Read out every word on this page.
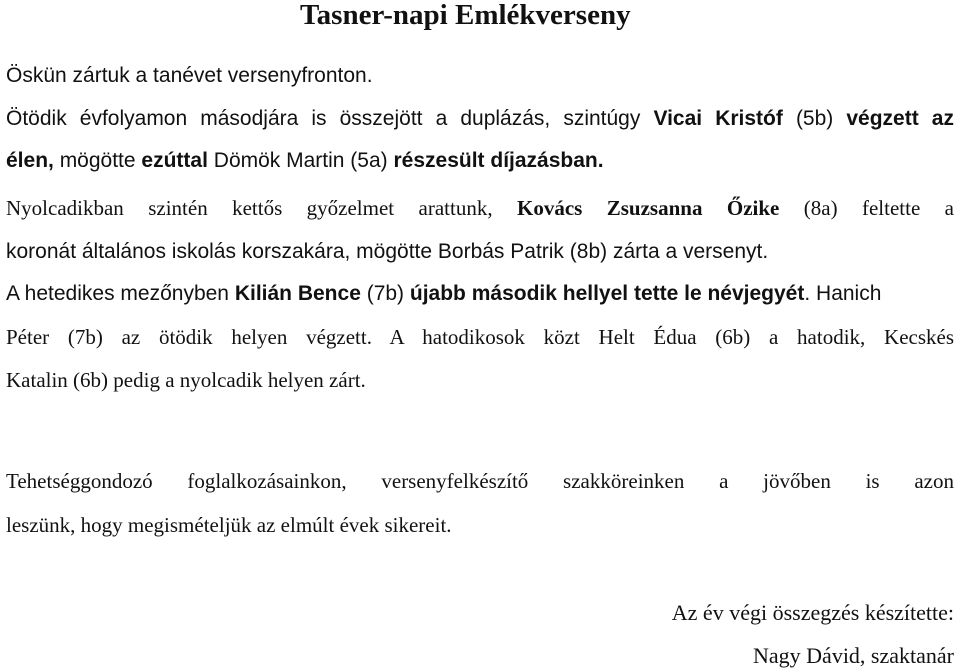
Tasner-napi Emlékverseny
Öskün zártuk a tanévet versenyfronton.
Ötödik évfolyamon másodjára is összejött a duplázás, szintúgy Vicai Kristóf (5b) végzett az
élen, mögötte ezúttal Dömök Martin (5a) részesült díjazásban.
Nyolcadikban szintén kettős győzelmet arattunk, Kovács Zsuzsanna Őzike (8a) feltette a
koronát általános iskolás korszakára, mögötte Borbás Patrik (8b) zárta a versenyt.
A hetedikes mezőnyben Kilián Bence (7b) újabb második hellyel tette le névjegyét. Hanich
Péter (7b) az ötödik helyen végzett. A hatodikosok közt Helt Édua (6b) a hatodik, Kecskés
Katalin (6b) pedig a nyolcadik helyen zárt.
Tehetséggondozó foglalkozásainkon, versenyfelkészítő szakköreinken a jövőben is azon
leszünk, hogy megismételjük az elmúlt évek sikereit.
Az év végi összegzés készítette:
Nagy Dávid, szaktanár
